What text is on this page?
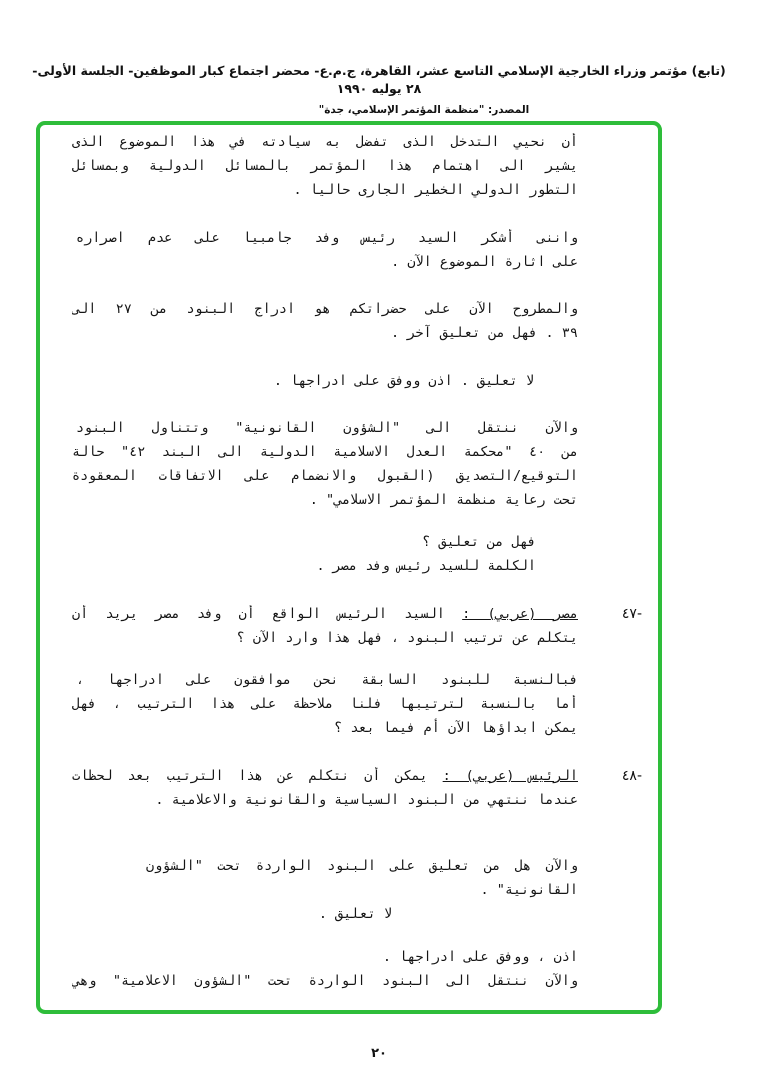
(تابع) مؤتمر وزراء الخارجية الإسلامي التاسع عشر، القاهرة، ج.م.ع- محضر اجتماع كبار الموظفين- الجلسة الأولى- ٢٨ يوليه ١٩٩٠
المصدر: "منظمة المؤتمر الإسلامي، جدة"
أن نحيي التدخل الذى تفضل به سيادته في هذا الموضوع الذى
يشير الى اهتمام هذا المؤتمر بالمسائل الدولية وبمسائل
التطور الدولي الخطير الجارى حاليا .
واننى أشكر السيد رئيس وفد جامبيا على عدم اصراره
على اثارة الموضوع الآن .
والمطروح الآن على حضراتكم هو ادراج البنود من ٢٧ الى
٣٩ . فهل من تعليق آخر .
لا تعليق . اذن ووفق على ادراجها .
والآن ننتقل الى "الشؤون القانونية" وتتناول البنود
من ٤٠ "محكمة العدل الاسلامية الدولية الى البند ٤٢" حالة
التوقيع/التصديق (القبول والانضمام على الاتفاقات المعقودة
تحت رعاية منظمة المؤتمر الاسلامي" .
فهل من تعليق ؟
الكلمة للسيد رئيس وفد مصر .
-٤٧
مصر (عربي) : السيد الرئيس الواقع أن وفد مصر يريد أن
يتكلم عن ترتيب البنود ، فهل هذا وارد الآن ؟
فبالنسبة للبنود السابقة نحن موافقون على ادراجها ،
أما بالنسبة لترتيبها فلنا ملاحظة على هذا الترتيب ، فهل
يمكن ابداؤها الآن أم فيما بعد ؟
-٤٨
الرئيس (عربي) : يمكن أن نتكلم عن هذا الترتيب بعد لحظات
عندما ننتهي من البنود السياسية والقانونية والاعلامية .
والآن هل من تعليق على البنود الواردة تحت "الشؤون
القانونية" .
لا تعليق .
اذن ، ووفق على ادراجها .
والآن ننتقل الى البنود الواردة تحت "الشؤون الاعلامية" وهي
٢٠
